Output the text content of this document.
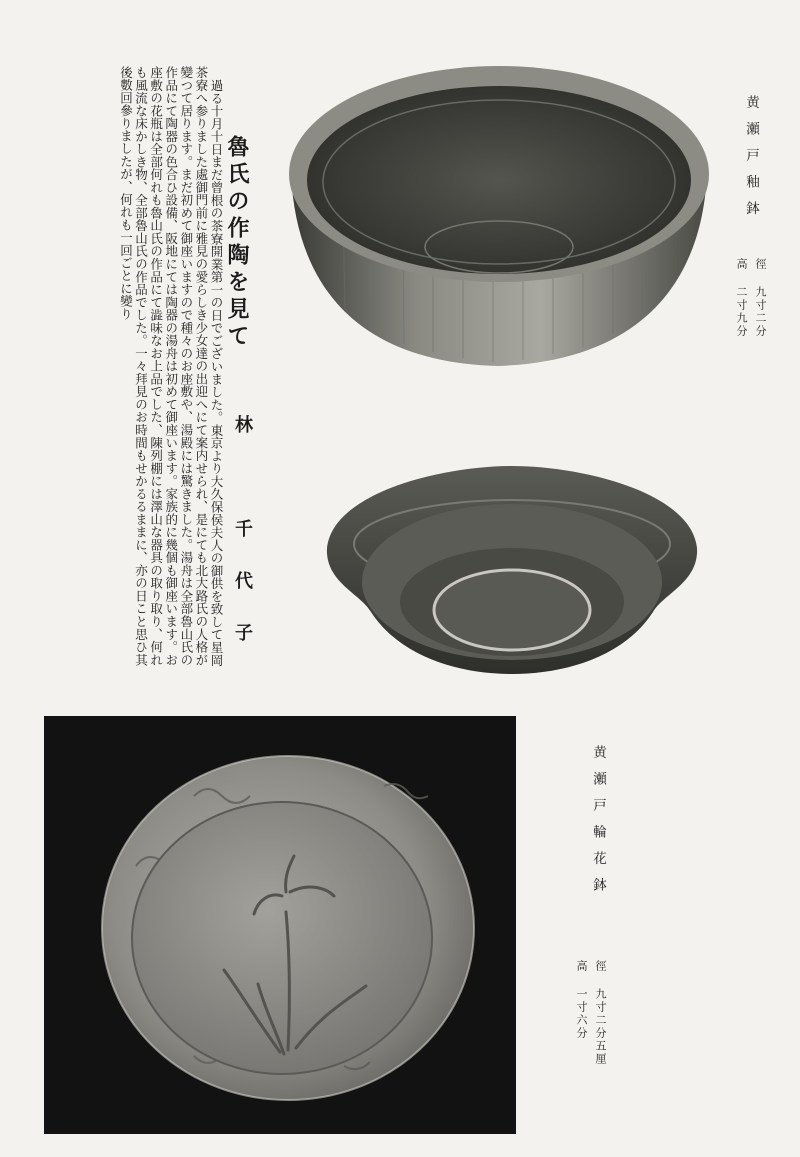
過る十月十日まだ曾根の茶寮開業第一の日でございました。東京より大久保侯夫人の御供を致して星岡茶寮へ参りました處御門前に雅見の愛らしき少女達の出迎へにて案内せられ、是にても北大路氏の人格が變つて居ります。まだ初めて御座いますので種々のお座敷や、湯殿には驚きました。湯舟は全部魯山氏の作品にて陶器の色合ひ設備、阪地にては陶器の湯舟は初めて御座います。家族的に幾個も御座います。お座敷の花瓶は全部何れも魯山氏の作品にて澁味なお上品でした、陳列棚には澤山な器具の取り取り、何れも風流な床かしき物、全部魯山氏の作品でした。一々拜見のお時間もせかるるままに、亦の日こと思ひ其後數回參りましたが、何れも一回ごとに變り	魯氏の作陶を見て
林　千代子
黄瀬戸釉鉢
徑 九寸二分
高 二寸九分
黄瀬戸輪花鉢
徑 九寸二分五厘
高 一寸六分
